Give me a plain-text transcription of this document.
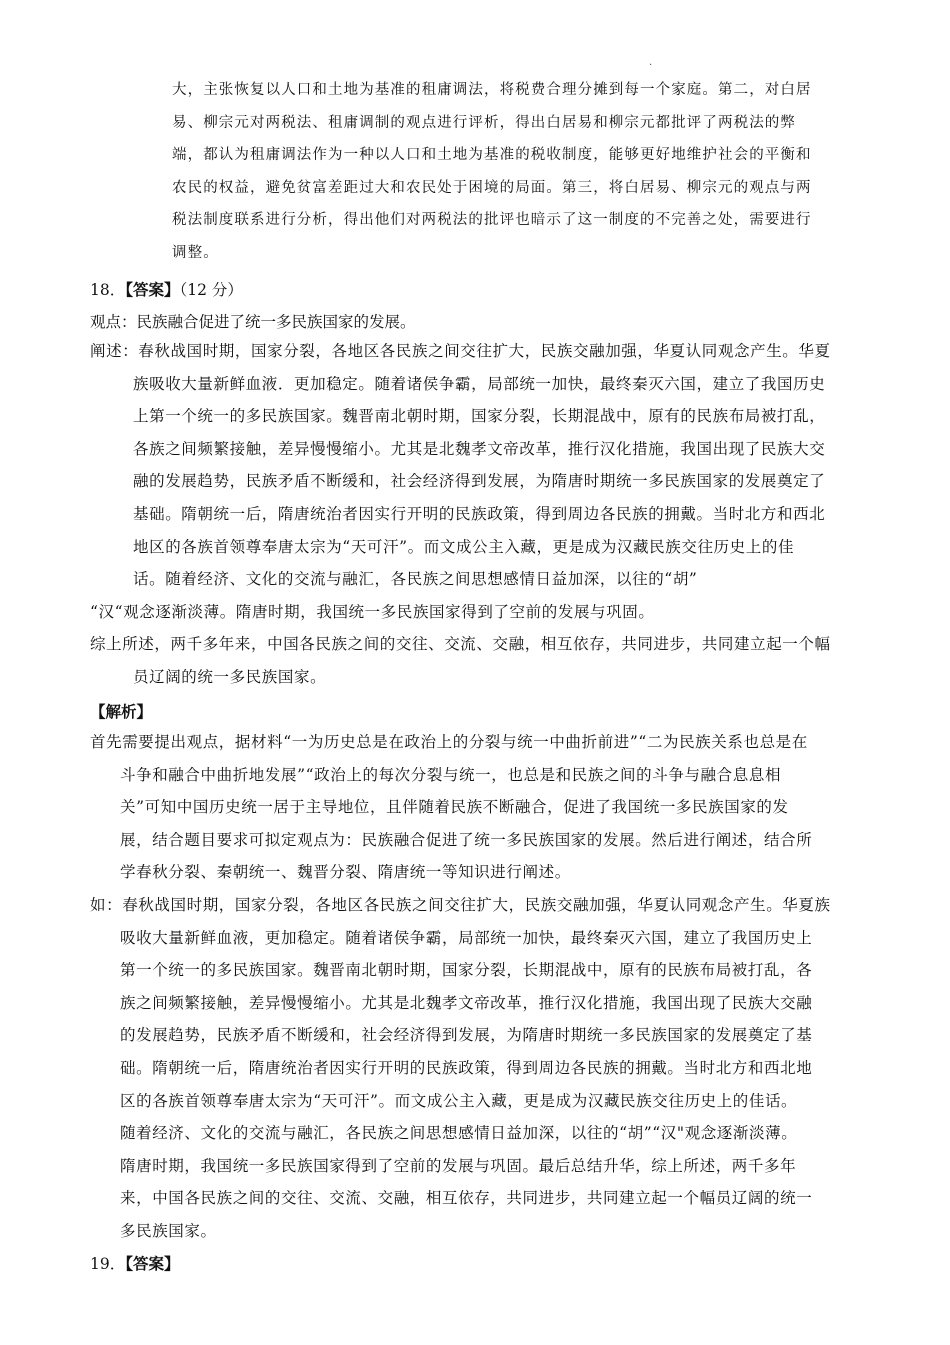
·
大，主张恢复以人口和土地为基准的租庸调法，将税费合理分摊到每一个家庭。第二，对白居
易、柳宗元对两税法、租庸调制的观点进行评析，得出白居易和柳宗元都批评了两税法的弊
端，都认为租庸调法作为一种以人口和土地为基准的税收制度，能够更好地维护社会的平衡和
农民的权益，避免贫富差距过大和农民处于困境的局面。第三，将白居易、柳宗元的观点与两
税法制度联系进行分析，得出他们对两税法的批评也暗示了这一制度的不完善之处，需要进行
调整。
18．【答案】（12 分）
观点：民族融合促进了统一多民族国家的发展。
阐述：春秋战国时期，国家分裂，各地区各民族之间交往扩大，民族交融加强，华夏认同观念产生。华夏
族吸收大量新鲜血液．更加稳定。随着诸侯争霸，局部统一加快，最终秦灭六国，建立了我国历史
上第一个统一的多民族国家。魏晋南北朝时期，国家分裂，长期混战中，原有的民族布局被打乱，
各族之间频繁接触，差异慢慢缩小。尤其是北魏孝文帝改革，推行汉化措施，我国出现了民族大交
融的发展趋势，民族矛盾不断缓和，社会经济得到发展，为隋唐时期统一多民族国家的发展奠定了
基础。隋朝统一后，隋唐统治者因实行开明的民族政策，得到周边各民族的拥戴。当时北方和西北
地区的各族首领尊奉唐太宗为“天可汗”。而文成公主入藏，更是成为汉藏民族交往历史上的佳
话。随着经济、文化的交流与融汇，各民族之间思想感情日益加深，以往的“胡”
“汉“观念逐渐淡薄。隋唐时期，我国统一多民族国家得到了空前的发展与巩固。
综上所述，两千多年来，中国各民族之间的交往、交流、交融，相互依存，共同进步，共同建立起一个幅
员辽阔的统一多民族国家。
【解析】
首先需要提出观点，据材料“一为历史总是在政治上的分裂与统一中曲折前进”“二为民族关系也总是在
斗争和融合中曲折地发展”“政治上的每次分裂与统一，也总是和民族之间的斗争与融合息息相
关”可知中国历史统一居于主导地位，且伴随着民族不断融合，促进了我国统一多民族国家的发
展，结合题目要求可拟定观点为：民族融合促进了统一多民族国家的发展。然后进行阐述，结合所
学春秋分裂、秦朝统一、魏晋分裂、隋唐统一等知识进行阐述。
如：春秋战国时期，国家分裂，各地区各民族之间交往扩大，民族交融加强，华夏认同观念产生。华夏族
吸收大量新鲜血液，更加稳定。随着诸侯争霸，局部统一加快，最终秦灭六国，建立了我国历史上
第一个统一的多民族国家。魏晋南北朝时期，国家分裂，长期混战中，原有的民族布局被打乱，各
族之间频繁接触，差异慢慢缩小。尤其是北魏孝文帝改革，推行汉化措施，我国出现了民族大交融
的发展趋势，民族矛盾不断缓和，社会经济得到发展，为隋唐时期统一多民族国家的发展奠定了基
础。隋朝统一后，隋唐统治者因实行开明的民族政策，得到周边各民族的拥戴。当时北方和西北地
区的各族首领尊奉唐太宗为“天可汗”。而文成公主入藏，更是成为汉藏民族交往历史上的佳话。
随着经济、文化的交流与融汇，各民族之间思想感情日益加深，以往的“胡”“汉"观念逐渐淡薄。
隋唐时期，我国统一多民族国家得到了空前的发展与巩固。最后总结升华，综上所述，两千多年
来，中国各民族之间的交往、交流、交融，相互依存，共同进步，共同建立起一个幅员辽阔的统一
多民族国家。
19．【答案】
